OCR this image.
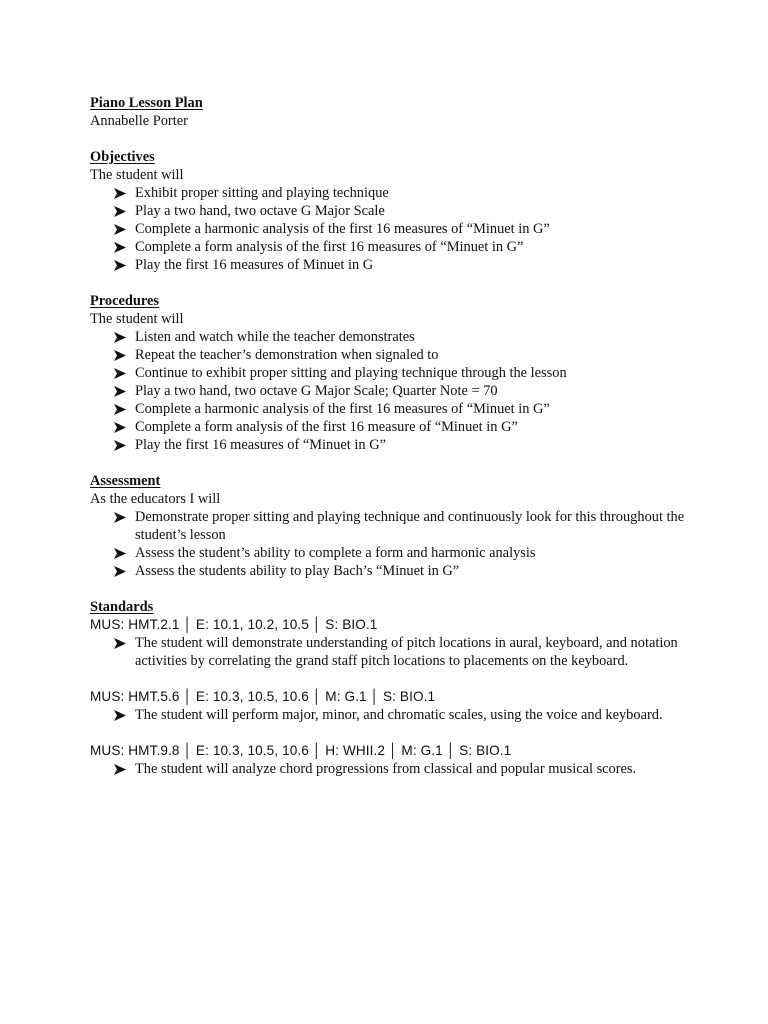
Piano Lesson Plan
Annabelle Porter
Objectives
The student will
Exhibit proper sitting and playing technique
Play a two hand, two octave G Major Scale
Complete a harmonic analysis of the first 16 measures of “Minuet in G”
Complete a form analysis of the first 16 measures of “Minuet in G”
Play the first 16 measures of Minuet in G
Procedures
The student will
Listen and watch while the teacher demonstrates
Repeat the teacher’s demonstration when signaled to
Continue to exhibit proper sitting and playing technique through the lesson
Play a two hand, two octave G Major Scale; Quarter Note = 70
Complete a harmonic analysis of the first 16 measures of “Minuet in G”
Complete a form analysis of the first 16 measure of “Minuet in G”
Play the first 16 measures of “Minuet in G”
Assessment
As the educators I will
Demonstrate proper sitting and playing technique and continuously look for this throughout the student’s lesson
Assess the student’s ability to complete a form and harmonic analysis
Assess the students ability to play Bach’s “Minuet in G”
Standards
MUS: HMT.2.1 │ E: 10.1, 10.2, 10.5 │ S: BIO.1
The student will demonstrate understanding of pitch locations in aural, keyboard, and notation activities by correlating the grand staff pitch locations to placements on the keyboard.
MUS: HMT.5.6 │ E: 10.3, 10.5, 10.6 │ M: G.1 │ S: BIO.1
The student will perform major, minor, and chromatic scales, using the voice and keyboard.
MUS: HMT.9.8 │ E: 10.3, 10.5, 10.6 │ H: WHII.2 │ M: G.1 │ S: BIO.1
The student will analyze chord progressions from classical and popular musical scores.
